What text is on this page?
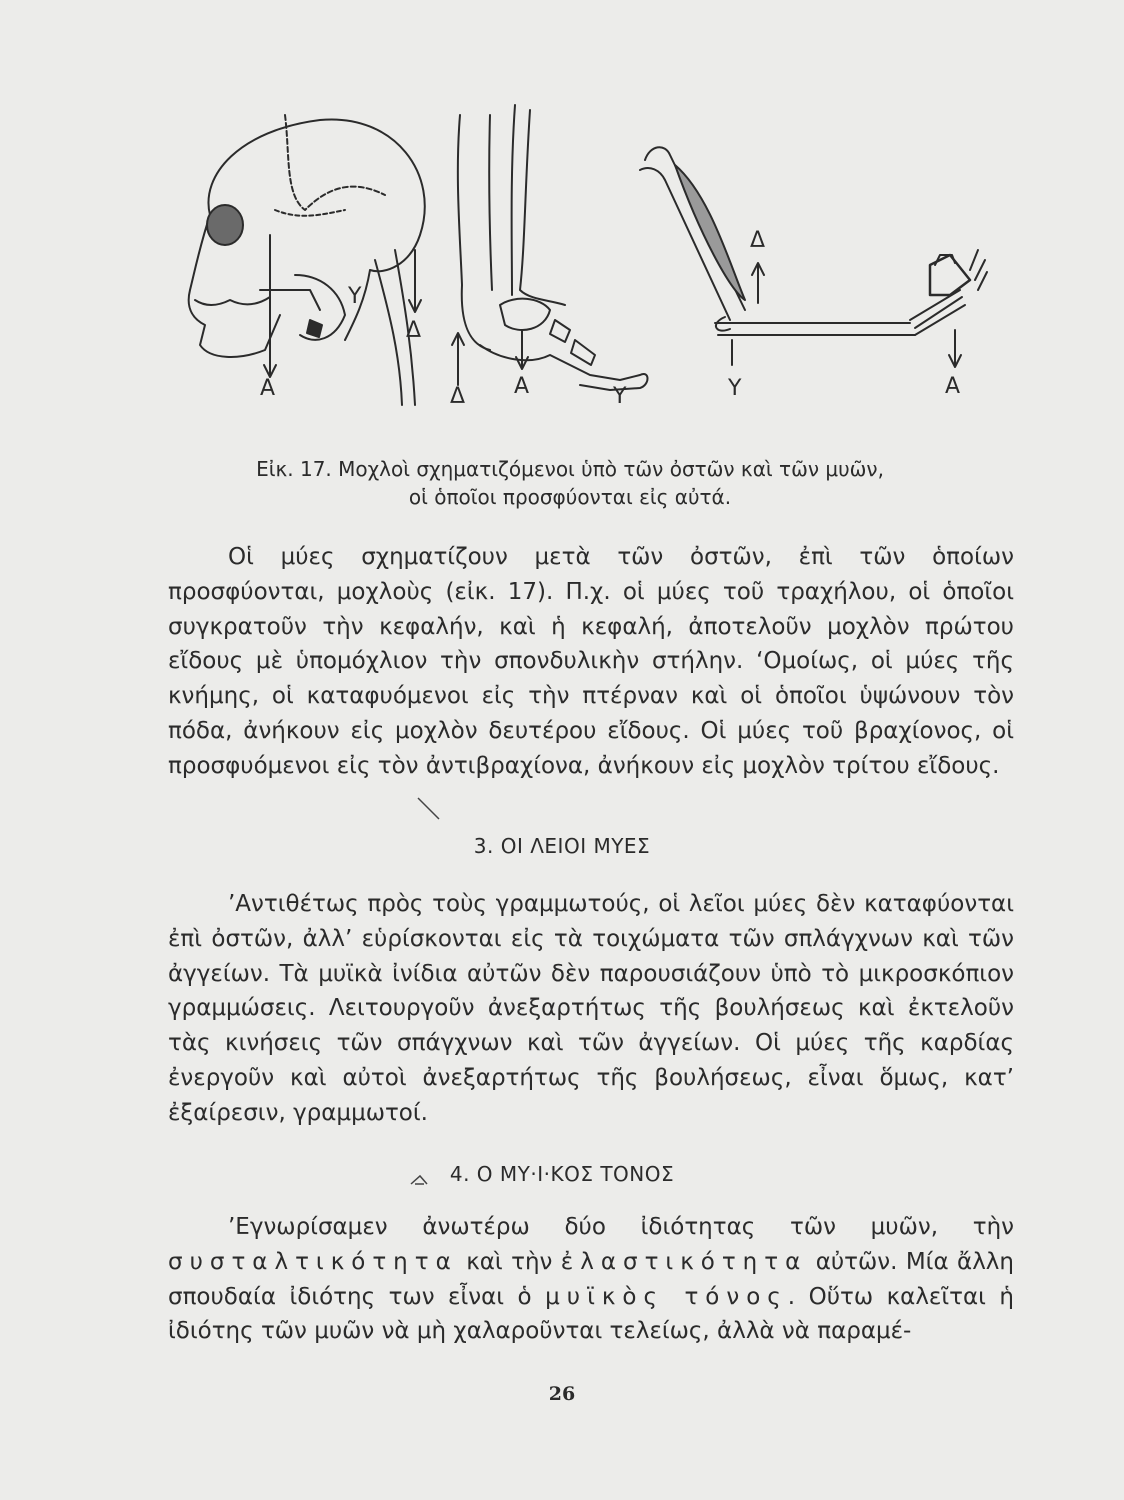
A
Y
Δ
Δ A	Y
Δ
Y	A
Εἰκ. 17. Μοχλοὶ σχηματιζόμενοι ὑπὸ τῶν ὀστῶν καὶ τῶν μυῶν,
οἱ ὁποῖοι προσφύονται εἰς αὐτά.
Οἱ μύες σχηματίζουν μετὰ τῶν ὀστῶν, ἐπὶ τῶν ὁποίων προσφύονται, μοχλοὺς (εἰκ. 17). Π.χ. οἱ μύες τοῦ τραχήλου, οἱ ὁποῖοι συγκρατοῦν τὴν κεφαλήν, καὶ ἡ κεφαλή, ἀποτελοῦν μοχλὸν πρώτου εἴδους μὲ ὑπομόχλιον τὴν σπονδυλικὴν στήλην. ‘Ομοίως, οἱ μύες τῆς κνήμης, οἱ καταφυόμενοι εἰς τὴν πτέρναν καὶ οἱ ὁποῖοι ὑψώνουν τὸν πόδα, ἀνήκουν εἰς μοχλὸν δευτέρου εἴδους. Οἱ μύες τοῦ βραχίονος, οἱ προσφυόμενοι εἰς τὸν ἀντιβραχίονα, ἀνήκουν εἰς μοχλὸν τρίτου εἴδους.
3. ΟΙ ΛΕΙΟΙ ΜΥΕΣ
’Αντιθέτως πρὸς τοὺς γραμμωτούς, οἱ λεῖοι μύες δὲν καταφύονται ἐπὶ ὀστῶν, ἀλλ’ εὑρίσκονται εἰς τὰ τοιχώματα τῶν σπλάγχνων καὶ τῶν ἀγγείων. Τὰ μυϊκὰ ἰνίδια αὐτῶν δὲν παρουσιάζουν ὑπὸ τὸ μικροσκόπιον γραμμώσεις. Λειτουργοῦν ἀνεξαρτήτως τῆς βουλήσεως καὶ ἐκτελοῦν τὰς κινήσεις τῶν σπάγχνων καὶ τῶν ἀγγείων. Οἱ μύες τῆς καρδίας ἐνεργοῦν καὶ αὐτοὶ ἀνεξαρτήτως τῆς βουλήσεως, εἶναι ὅμως, κατ’ ἐξαίρεσιν, γραμμωτοί.
4. Ο ΜΥ·Ι·ΚΟΣ ΤΟΝΟΣ
’Εγνωρίσαμεν ἀνωτέρω δύο ἰδιότητας τῶν μυῶν, τὴν συσταλτικότητα καὶ τὴν ἐλαστικότητα αὐτῶν. Μία ἄλλη σπουδαία ἰδιότης των εἶναι ὁ μυϊκὸς τόνος. Οὕτω καλεῖται ἡ ἰδιότης τῶν μυῶν νὰ μὴ χαλαροῦνται τελείως, ἀλλὰ νὰ παραμέ-
26
